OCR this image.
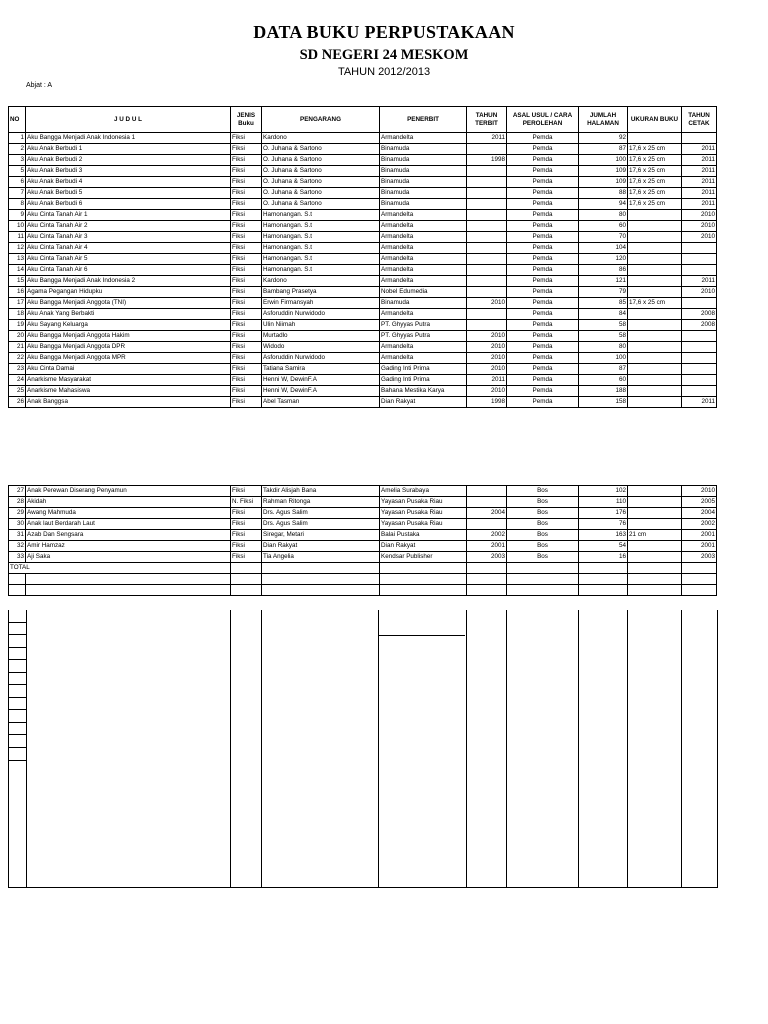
DATA BUKU PERPUSTAKAAN
SD NEGERI 24 MESKOM
TAHUN 2012/2013
Abjat : A
NO	J U D U L	JENIS Buku	PENGARANG	PENERBIT	TAHUN TERBIT	ASAL USUL / CARA PEROLEHAN	JUMLAH HALAMAN	UKURAN BUKU	TAHUN CETAK
1	Aku Bangga Menjadi Anak Indonesia 1	Fiksi	Kardono	Armandelta	2011	Pemda	92		
2	Aku Anak Berbudi 1	Fiksi	O. Juhana & Sartono	Binamuda		Pemda	87	17,6 x 25 cm	2011
3	Aku Anak Berbudi 2	Fiksi	O. Juhana & Sartono	Binamuda	1998	Pemda	100	17,6 x 25 cm	2011
5	Aku Anak Berbudi 3	Fiksi	O. Juhana & Sartono	Binamuda		Pemda	109	17,6 x 25 cm	2011
6	Aku Anak Berbudi 4	Fiksi	O. Juhana & Sartono	Binamuda		Pemda	109	17,6 x 25 cm	2011
7	Aku Anak Berbudi 5	Fiksi	O. Juhana & Sartono	Binamuda		Pemda	88	17,6 x 25 cm	2011
8	Aku Anak Berbudi 6	Fiksi	O. Juhana & Sartono	Binamuda		Pemda	94	17,6 x 25 cm	2011
9	Aku Cinta Tanah Air 1	Fiksi	Hamonangan. S.t	Armandelta		Pemda	80		2010
10	Aku Cinta Tanah Air 2	Fiksi	Hamonangan. S.t	Armandelta		Pemda	60		2010
11	Aku Cinta Tanah Air 3	Fiksi	Hamonangan. S.t	Armandelta		Pemda	70		2010
12	Aku Cinta Tanah Air 4	Fiksi	Hamonangan. S.t	Armandelta		Pemda	104		
13	Aku Cinta Tanah Air 5	Fiksi	Hamonangan. S.t	Armandelta		Pemda	120		
14	Aku Cinta Tanah Air 6	Fiksi	Hamonangan. S.t	Armandelta		Pemda	86		
15	Aku Bangga Menjadi Anak Indonesia 2	Fiksi	Kardono	Armandelta		Pemda	121		2011
16	Agama Pegangan Hidupku	Fiksi	Bambang Prasetya	Nobel Edumedia		Pemda	79		2010
17	Aku Bangga Menjadi Anggota (TNI)	Fiksi	Erwin Firmansyah	Binamuda	2010	Pemda	85	17,6 x 25 cm	
18	Aku Anak Yang Berbakti	Fiksi	Asforuddin Nurwidodo	Armandelta		Pemda	84		2008
19	Aku Sayang Keluarga	Fiksi	Ulin Niimah	PT. Ghyyas Putra		Pemda	58		2008
20	Aku Bangga Menjadi Anggota Hakim	Fiksi	Murtadlo	PT. Ghyyas Putra	2010	Pemda	58		
21	Aku Bangga Menjadi Anggota DPR	Fiksi	Widodo	Armandelta	2010	Pemda	80		
22	Aku Bangga Menjadi Anggota MPR	Fiksi	Asforuddin Nurwidodo	Armandelta	2010	Pemda	100		
23	Aku Cinta Damai	Fiksi	Tatiana Samira	Gading Inti Prima	2010	Pemda	87		
24	Anarkisme Masyarakat	Fiksi	Henni W, DewinF.A	Gading Inti Prima	2011	Pemda	60		
25	Anarkisme Mahasiswa	Fiksi	Henni W, DewinF.A	Bahana Mestika Karya	2010	Pemda	188		
26	Anak Banggsa	Fiksi	Abel Tasman	Dian Rakyat	1998	Pemda	158		2011
27	Anak Perewan Diserang Penyamun	Fiksi	Takdir Alisjah Bana	Amelia Surabaya		Bos	102		2010
28	Akidah	N. Fiksi	Rahman Ritonga	Yayasan Pusaka Riau		Bos	110		2005
29	Awang Mahmuda	Fiksi	Drs. Agus Salim	Yayasan Pusaka Riau	2004	Bos	176		2004
30	Anak laut Berdarah Laut	Fiksi	Drs. Agus Salim	Yayasan Pusaka Riau		Bos	76		2002
31	Azab Dan Sengsara	Fiksi	Siregar, Metari	Balai Pustaka	2002	Bos	163	21 cm	2001
32	Amir Hamzaz	Fiksi	Dian Rakyat	Dian Rakyat	2001	Bos	54		2001
33	Aji Saka	Fiksi	Tia Angelia	Kendsar Publisher	2003	Bos	16		2003
TOTAL									
